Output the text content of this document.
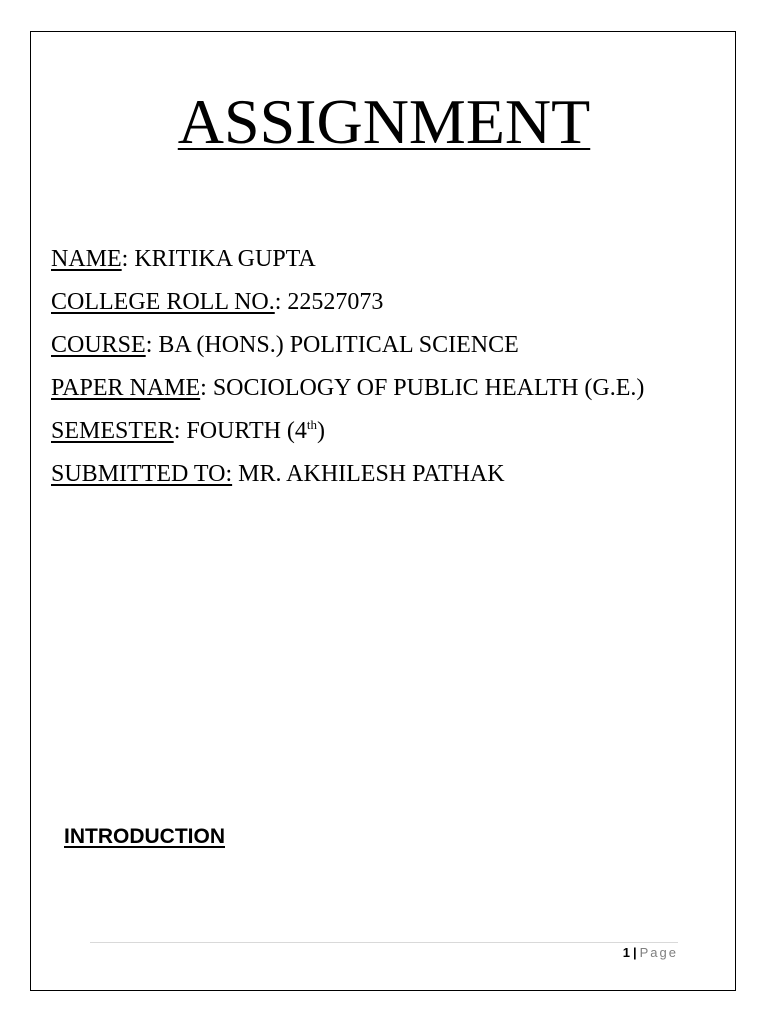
ASSIGNMENT
NAME: KRITIKA GUPTA
COLLEGE ROLL NO.: 22527073
COURSE: BA (HONS.) POLITICAL SCIENCE
PAPER NAME: SOCIOLOGY OF PUBLIC HEALTH (G.E.)
SEMESTER: FOURTH (4th)
SUBMITTED TO: MR. AKHILESH PATHAK
INTRODUCTION
1 | Page
